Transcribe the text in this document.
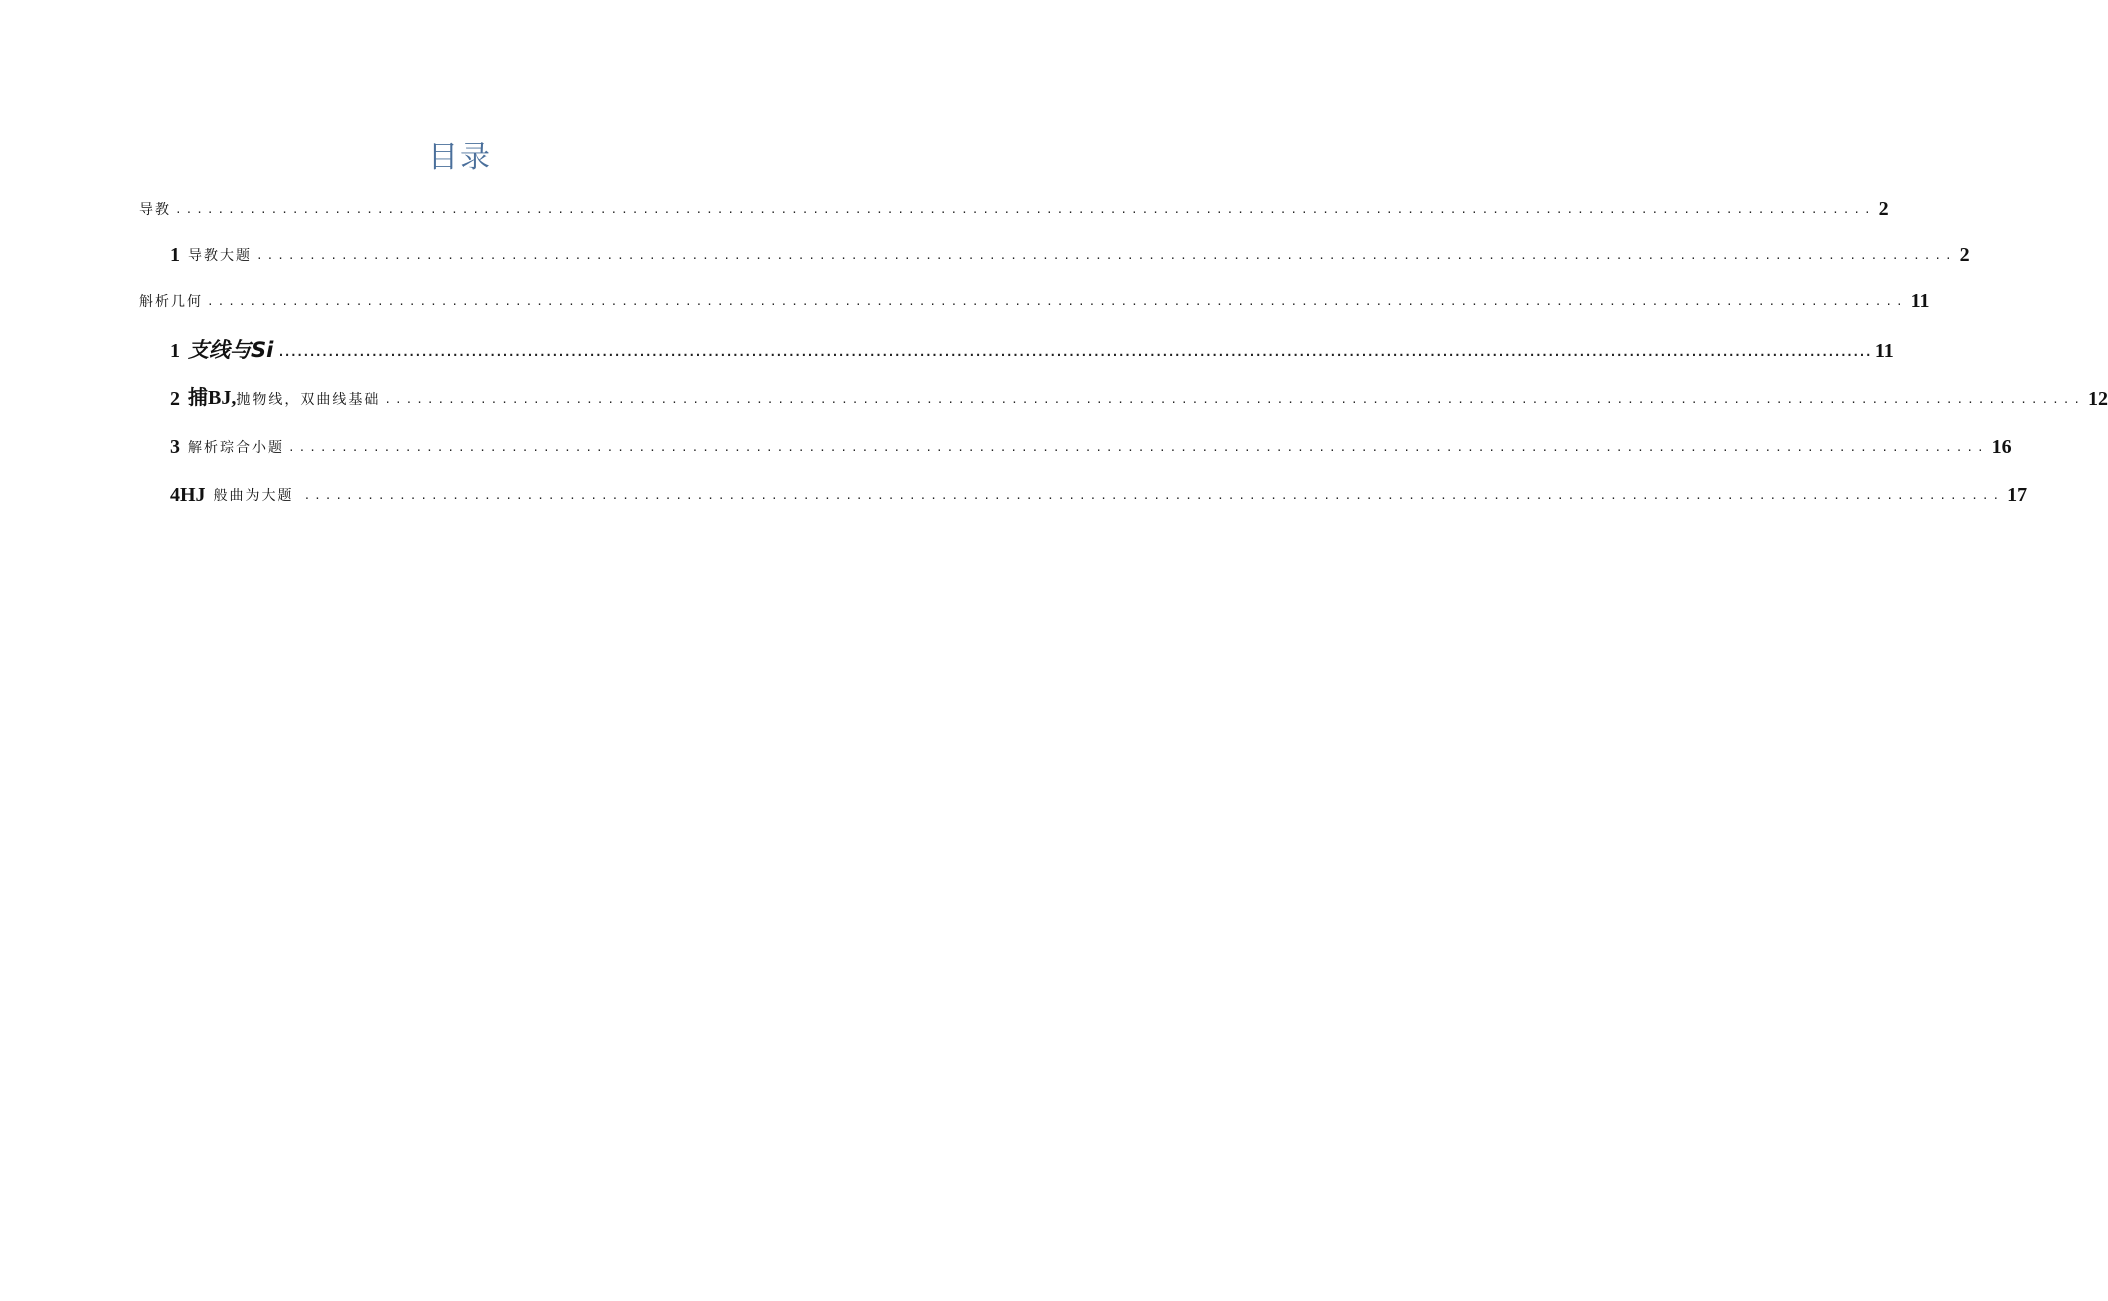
目录
导教 ................................................................................................................................................................ 2
1 导教大题 ................................................................................................................................................................ 2
斛析几何 ................................................................................................................................................................ 11
1 支线与Si ................................................................................................................................................................................................................................................................ 11
2 捕BJ,抛物线，双曲线基础 ................................................................................................................................................................ 12
3 解析琮合小题 ................................................................................................................................................................ 16
4HJ 般曲为大题 ................................................................................................................................................................ 17
